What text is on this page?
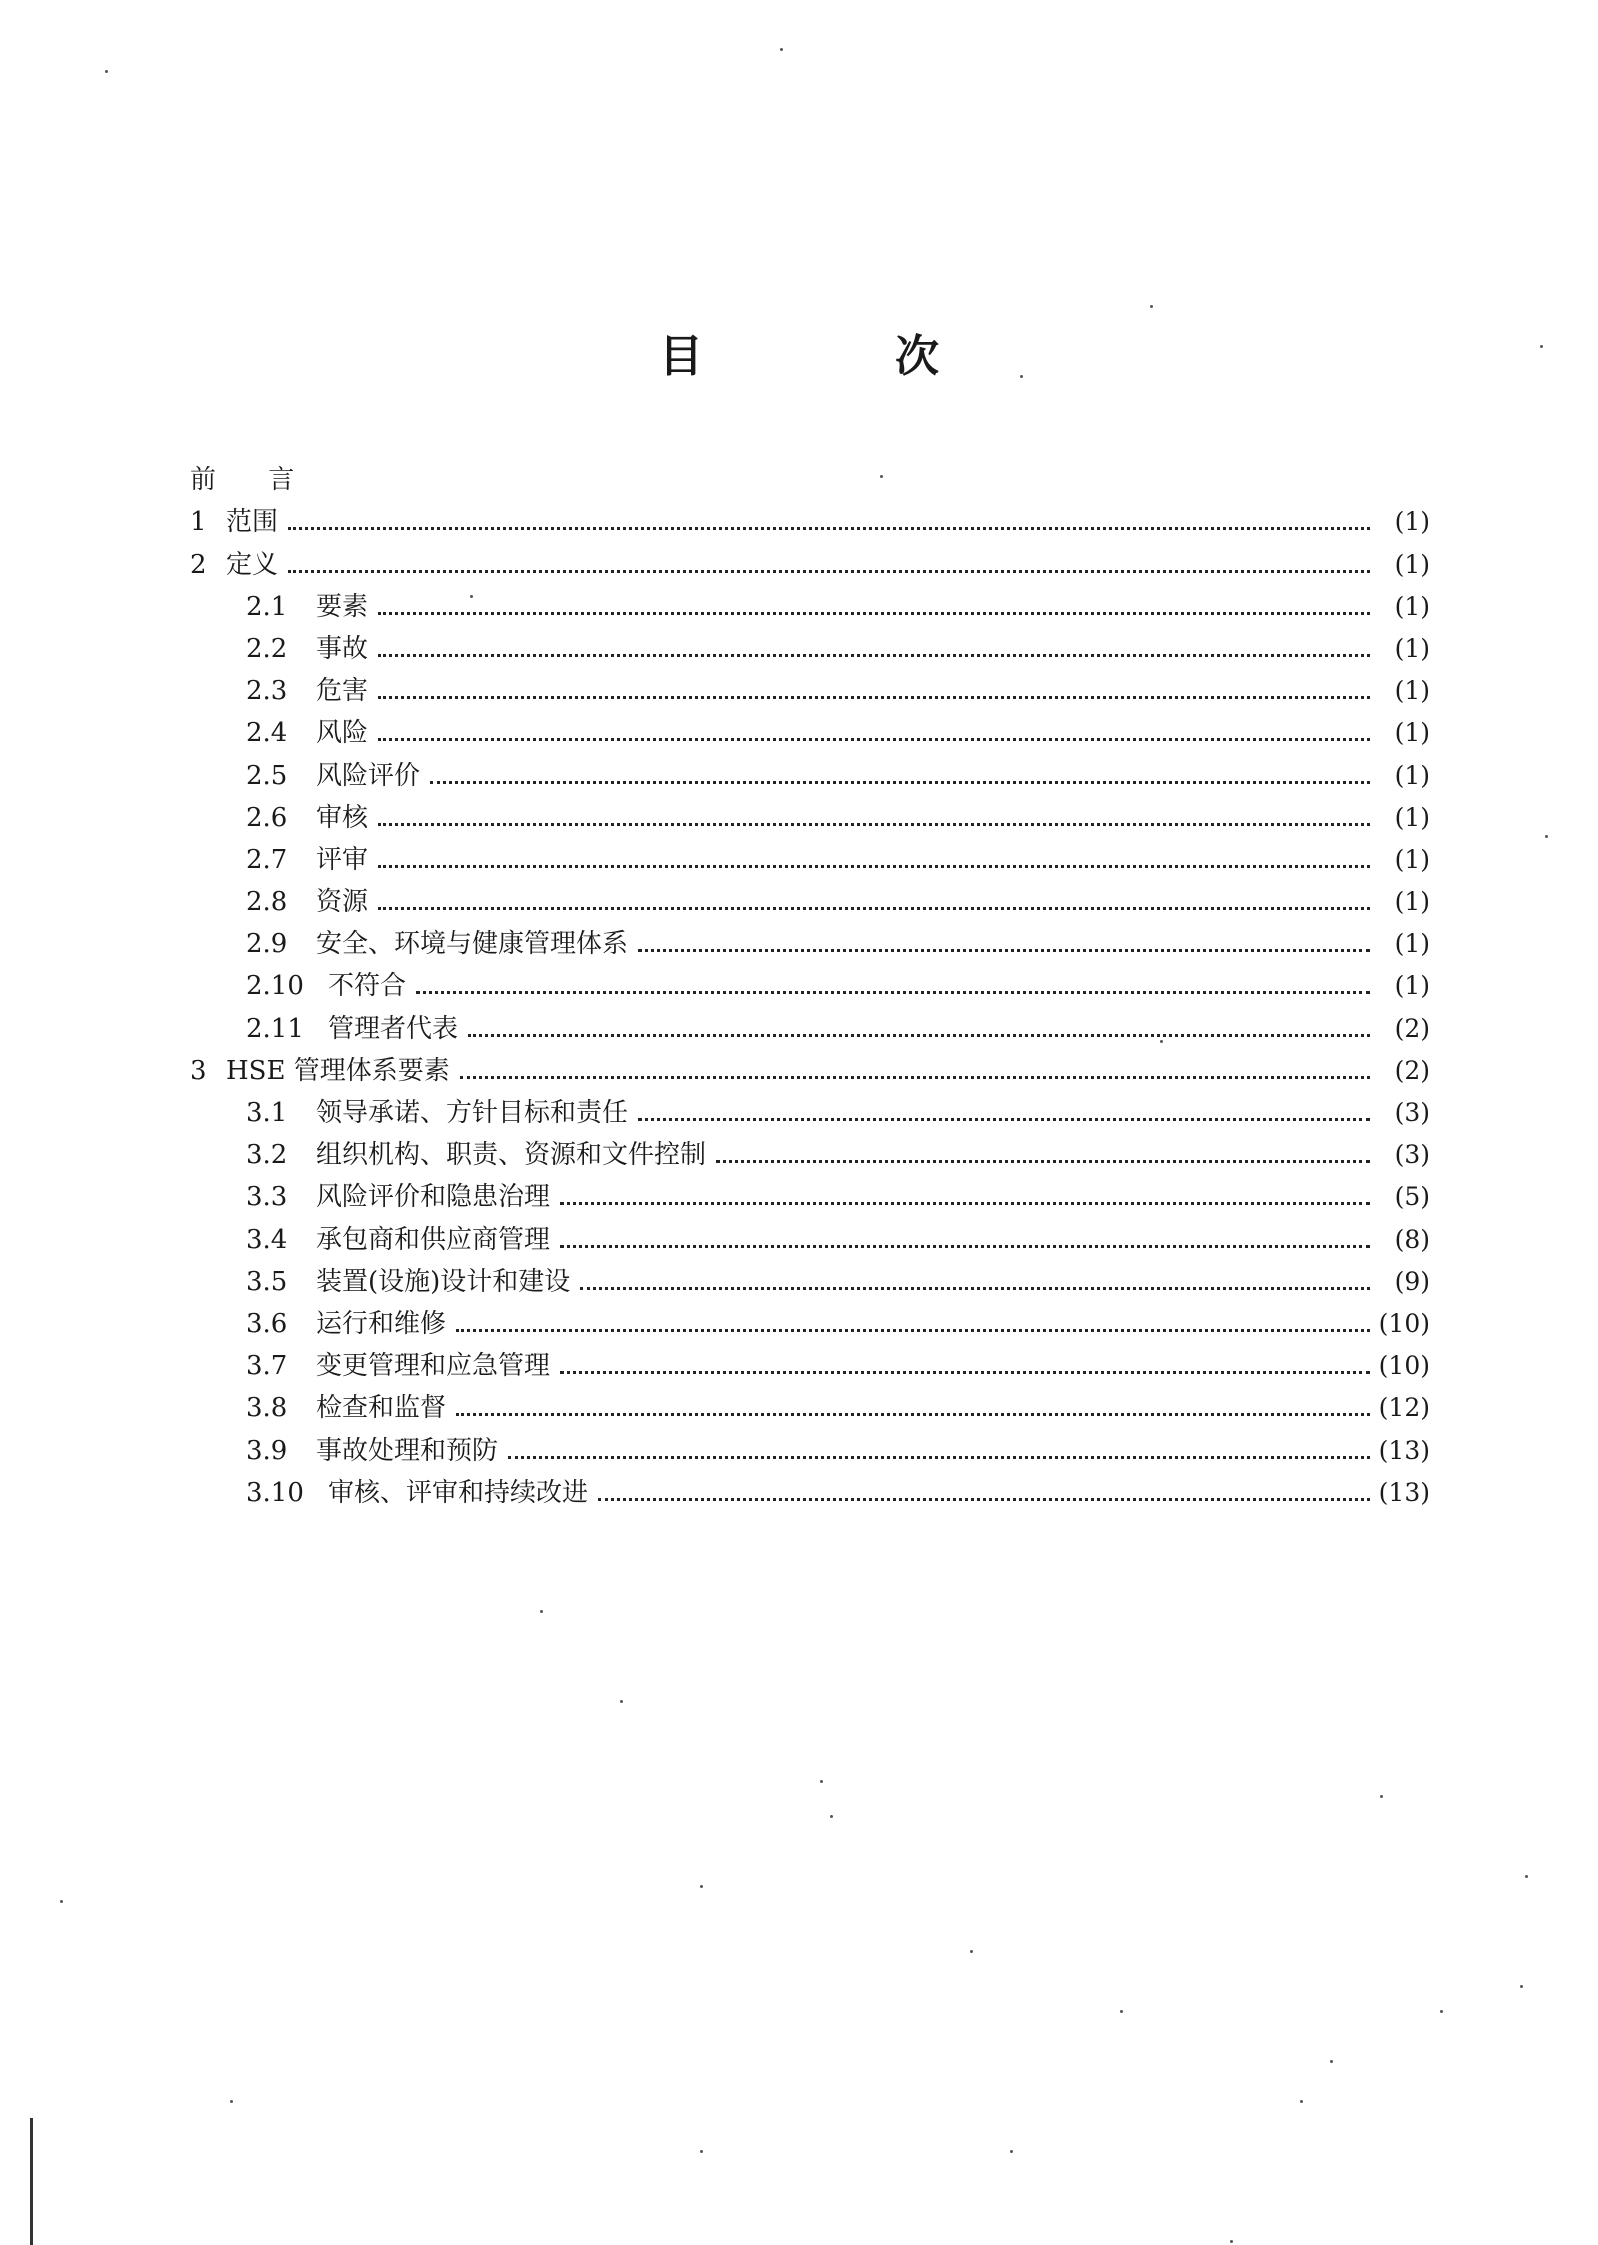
目　次
前 言
1 范围	(1)
2 定义	(1)
2.1	要素	(1)
2.2	事故	(1)
2.3	危害	(1)
2.4	风险	(1)
2.5	风险评价	(1)
2.6	审核	(1)
2.7	评审	(1)
2.8	资源	(1)
2.9	安全、环境与健康管理体系	(1)
2.10 不符合	(1)
2.11 管理者代表	(2)
3 HSE 管理体系要素	(2)
3.1	领导承诺、方针目标和责任	(3)
3.2	组织机构、职责、资源和文件控制	(3)
3.3	风险评价和隐患治理	(5)
3.4	承包商和供应商管理	(8)
3.5	装置(设施)设计和建设	(9)
3.6	运行和维修	(10)
3.7	变更管理和应急管理	(10)
3.8	检查和监督	(12)
3.9	事故处理和预防	(13)
3.10 审核、评审和持续改进	(13)
